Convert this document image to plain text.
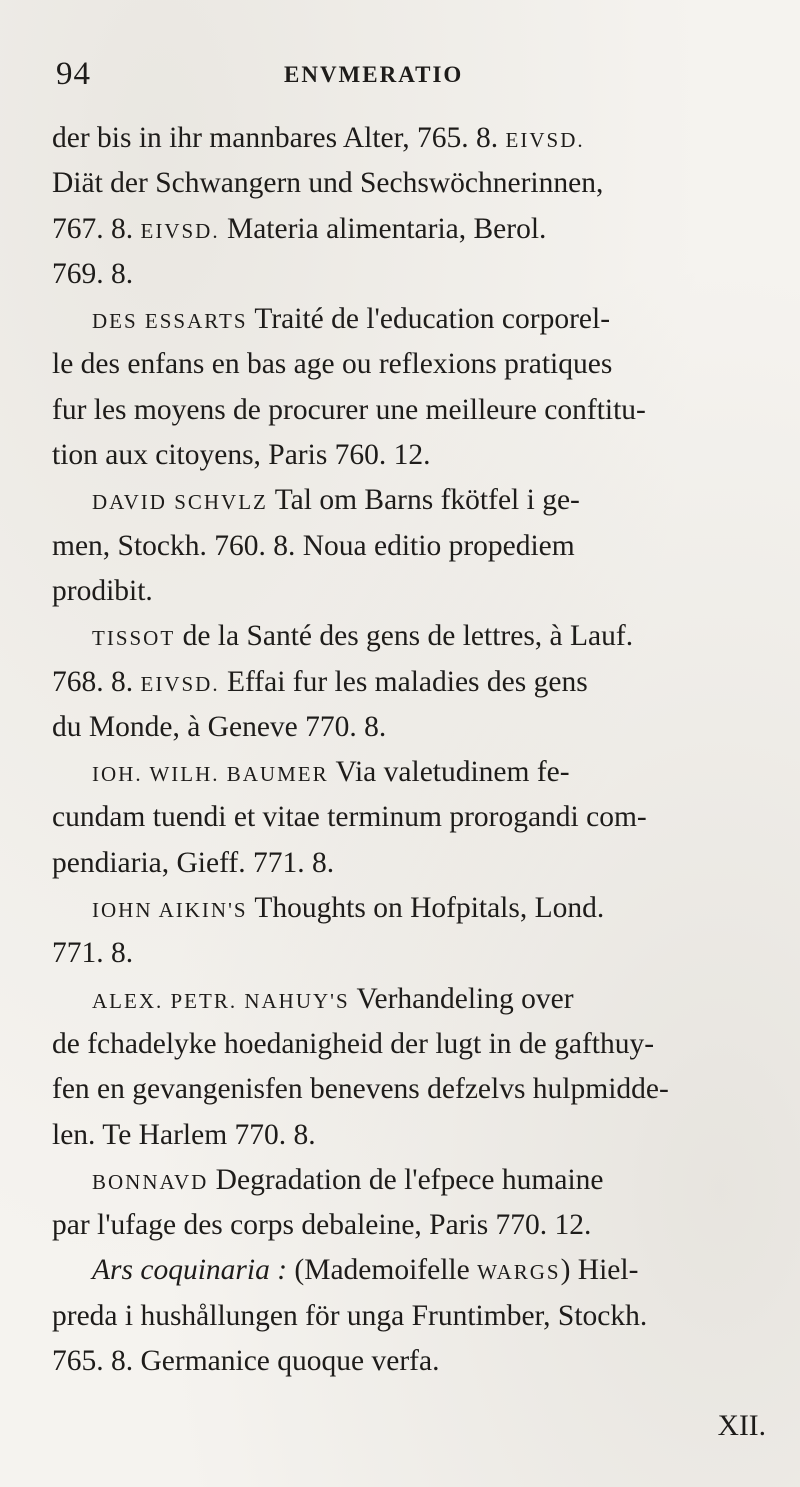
94	ENVMERATIO
der bis in ihr mannbares Alter, 765. 8. EIVSD.
Diät der Schwangern und Sechswöchnerinnen,
767. 8. EIVSD. Materia alimentaria, Berol.
769. 8.
DES ESSARTS Traité de l'education corporel-
le des enfans en bas age ou reflexions pratiques
fur les moyens de procurer une meilleure conftitu-
tion aux citoyens, Paris 760. 12.
DAVID SCHVLZ Tal om Barns fkötfel i ge-
men, Stockh. 760. 8. Noua editio propediem
prodibit.
TISSOT de la Santé des gens de lettres, à Lauf.
768. 8. EIVSD. Effai fur les maladies des gens
du Monde, à Geneve 770. 8.
IOH. WILH. BAUMER Via valetudinem fe-
cundam tuendi et vitae terminum prorogandi com-
pendiaria, Gieff. 771. 8.
IOHN AIKIN'S Thoughts on Hofpitals, Lond.
771. 8.
ALEX. PETR. NAHUY'S Verhandeling over
de fchadelyke hoedanigheid der lugt in de gafthuy-
fen en gevangenisfen benevens defzelvs hulpmidde-
len. Te Harlem 770. 8.
BONNAVD Degradation de l'efpece humaine
par l'ufage des corps debaleine, Paris 770. 12.
Ars coquinaria : (Mademoifelle WARGS) Hiel-
preda i hushållungen för unga Fruntimber, Stockh.
765. 8. Germanice quoque verfa.
XII.
